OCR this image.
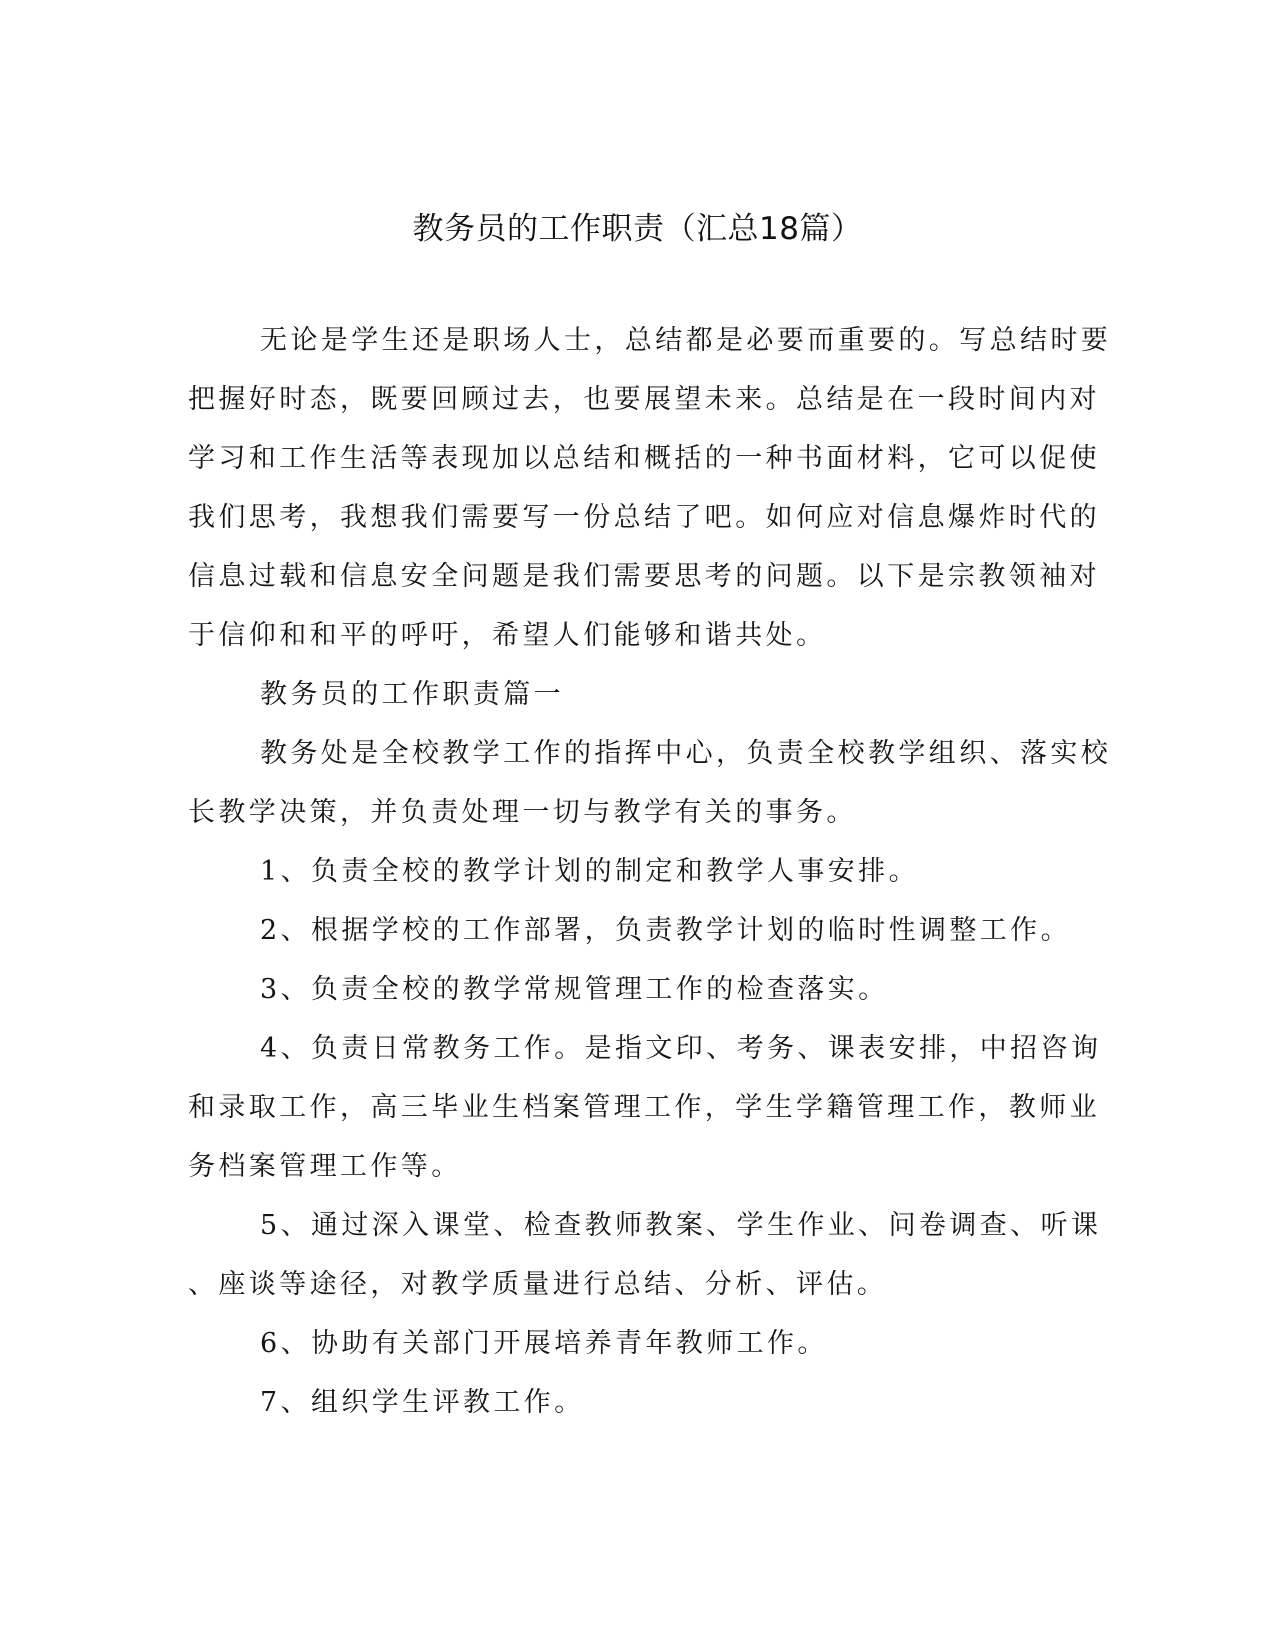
教务员的工作职责（汇总18篇）
无论是学生还是职场人士，总结都是必要而重要的。写总结时要
把握好时态，既要回顾过去，也要展望未来。总结是在一段时间内对
学习和工作生活等表现加以总结和概括的一种书面材料，它可以促使
我们思考，我想我们需要写一份总结了吧。如何应对信息爆炸时代的
信息过载和信息安全问题是我们需要思考的问题。以下是宗教领袖对
于信仰和和平的呼吁，希望人们能够和谐共处。
教务员的工作职责篇一
教务处是全校教学工作的指挥中心，负责全校教学组织、落实校
长教学决策，并负责处理一切与教学有关的事务。
1、负责全校的教学计划的制定和教学人事安排。
2、根据学校的工作部署，负责教学计划的临时性调整工作。
3、负责全校的教学常规管理工作的检查落实。
4、负责日常教务工作。是指文印、考务、课表安排，中招咨询
和录取工作，高三毕业生档案管理工作，学生学籍管理工作，教师业
务档案管理工作等。
5、通过深入课堂、检查教师教案、学生作业、问卷调查、听课
、座谈等途径，对教学质量进行总结、分析、评估。
6、协助有关部门开展培养青年教师工作。
7、组织学生评教工作。
